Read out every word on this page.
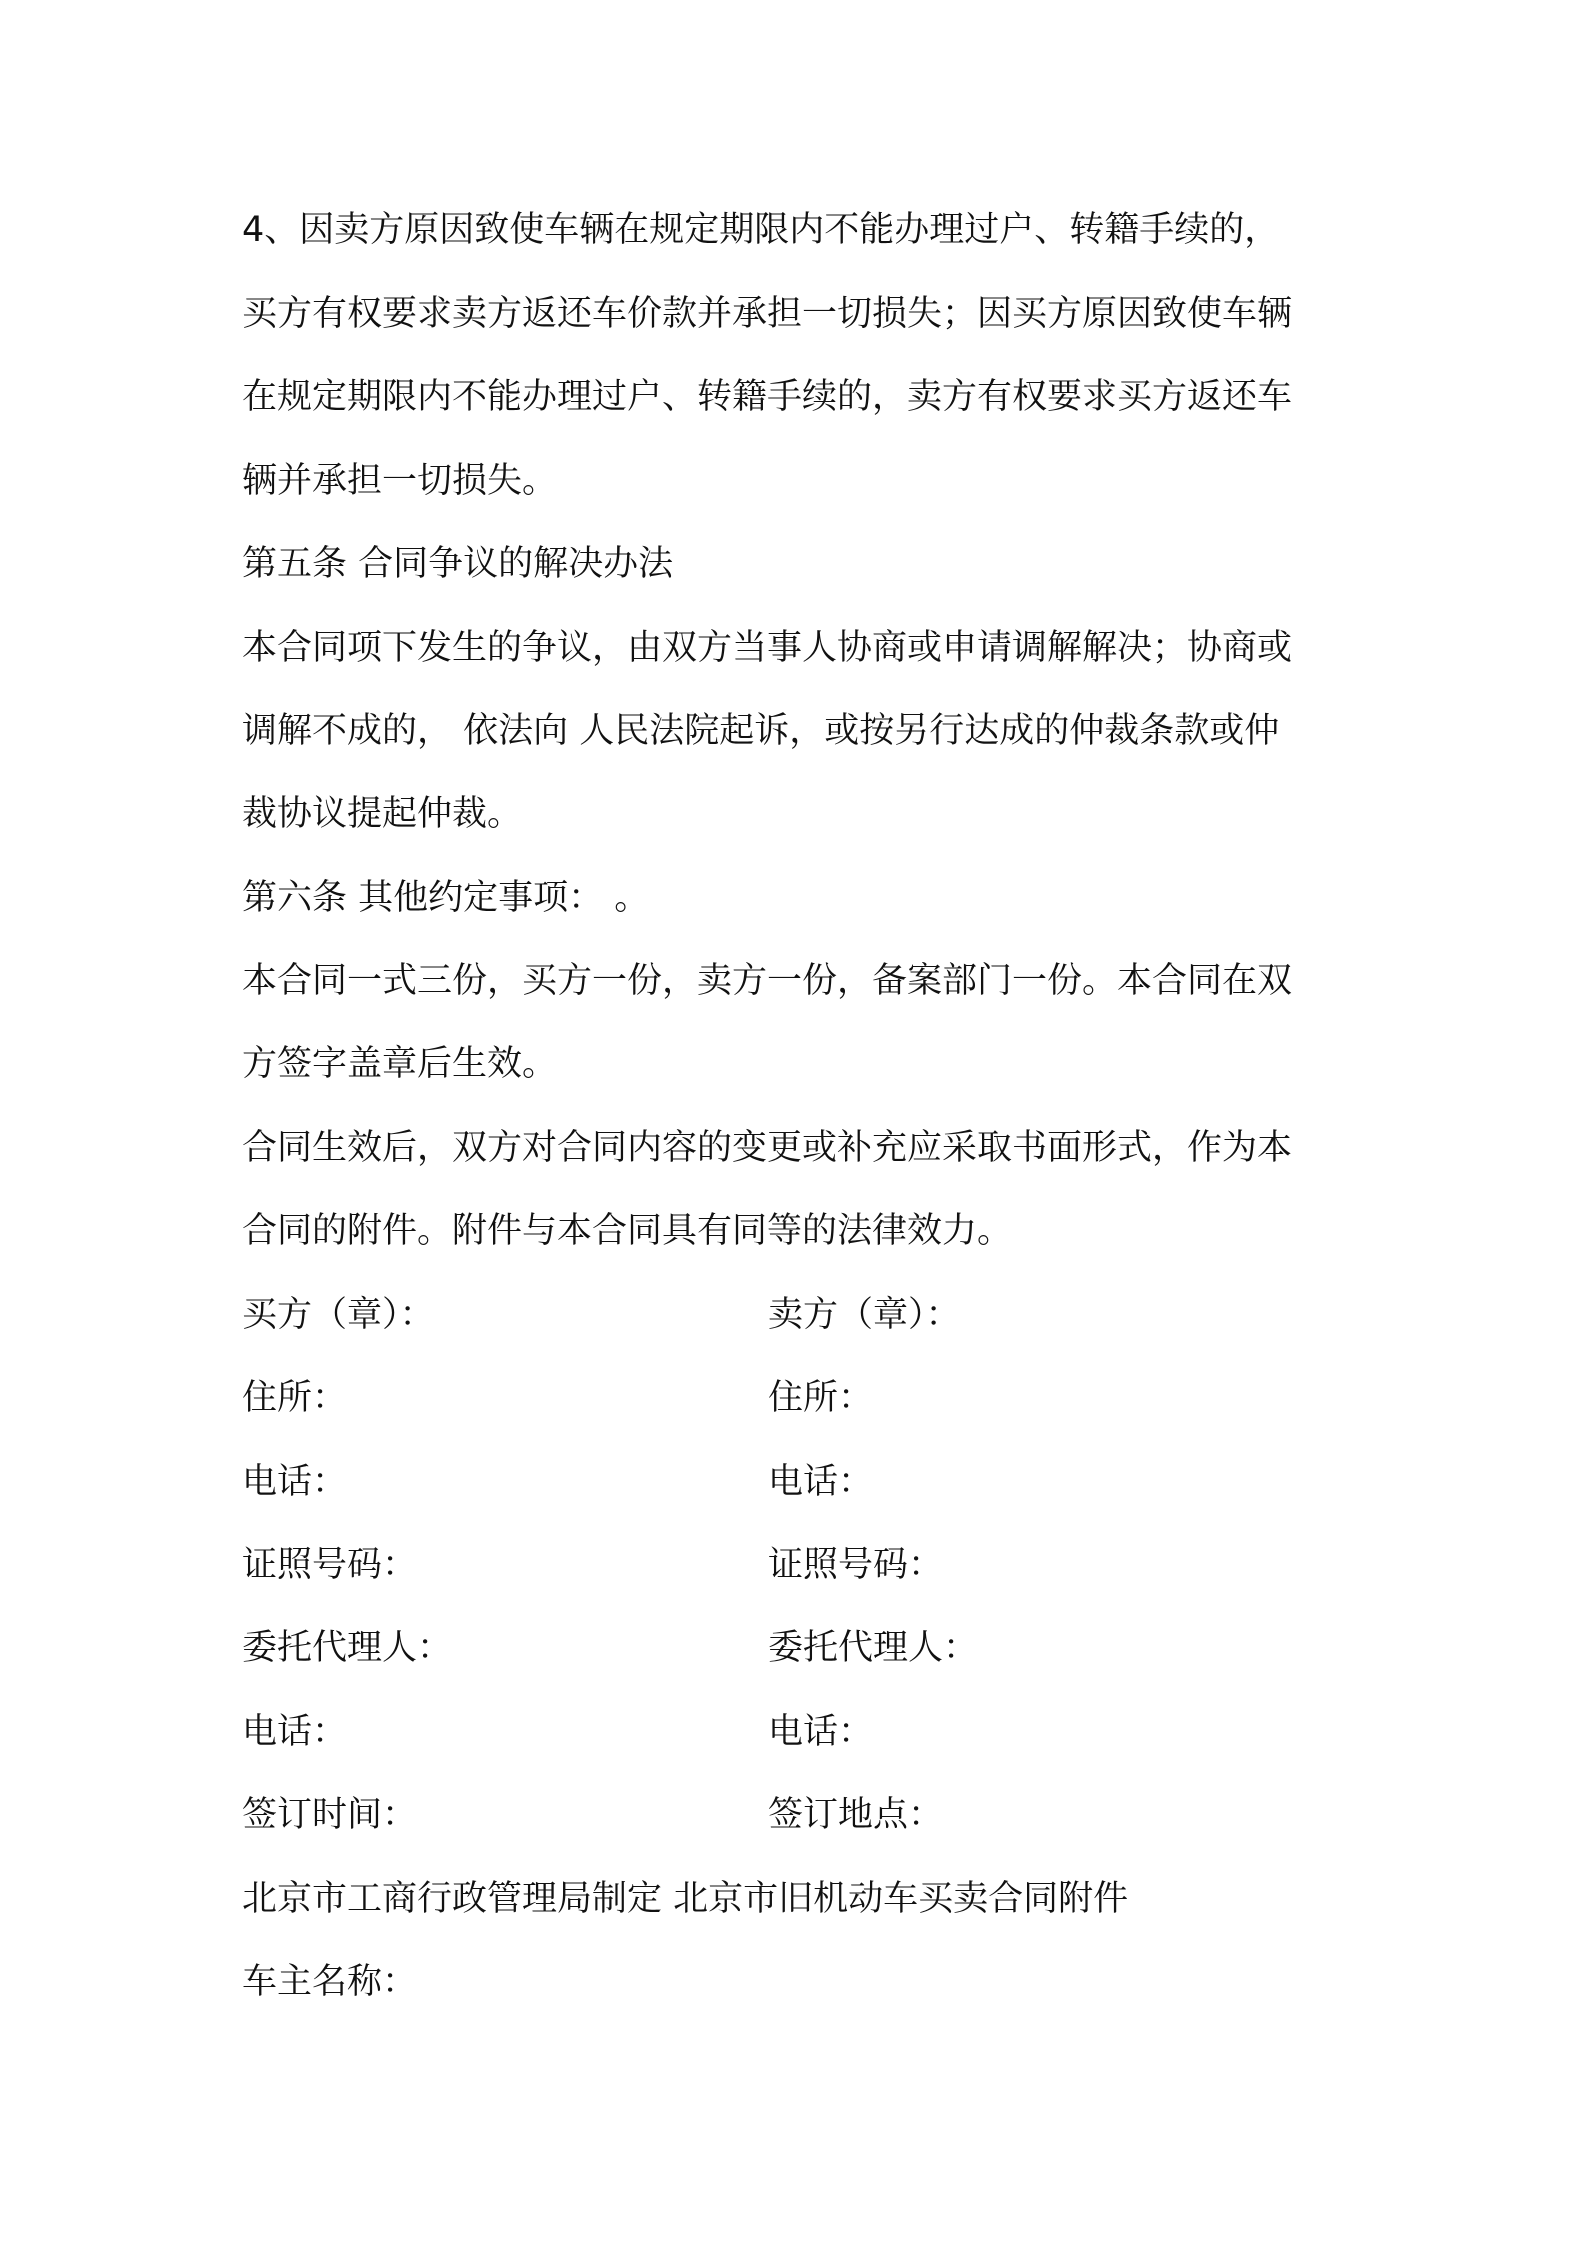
4、因卖方原因致使车辆在规定期限内不能办理过户、转籍手续的，
买方有权要求卖方返还车价款并承担一切损失；因买方原因致使车辆
在规定期限内不能办理过户、转籍手续的，卖方有权要求买方返还车
辆并承担一切损失。
第五条 合同争议的解决办法
本合同项下发生的争议，由双方当事人协商或申请调解解决；协商或
调解不成的， 依法向 人民法院起诉，或按另行达成的仲裁条款或仲
裁协议提起仲裁。
第六条 其他约定事项： 。
本合同一式三份，买方一份，卖方一份，备案部门一份。本合同在双
方签字盖章后生效。
合同生效后，双方对合同内容的变更或补充应采取书面形式，作为本
合同的附件。附件与本合同具有同等的法律效力。
买方（章）：
住所：
电话：
证照号码：
委托代理人：
电话：
签订时间：
卖方（章）：
住所：
电话：
证照号码：
委托代理人：
电话：
签订地点：
北京市工商行政管理局制定 北京市旧机动车买卖合同附件
车主名称：
